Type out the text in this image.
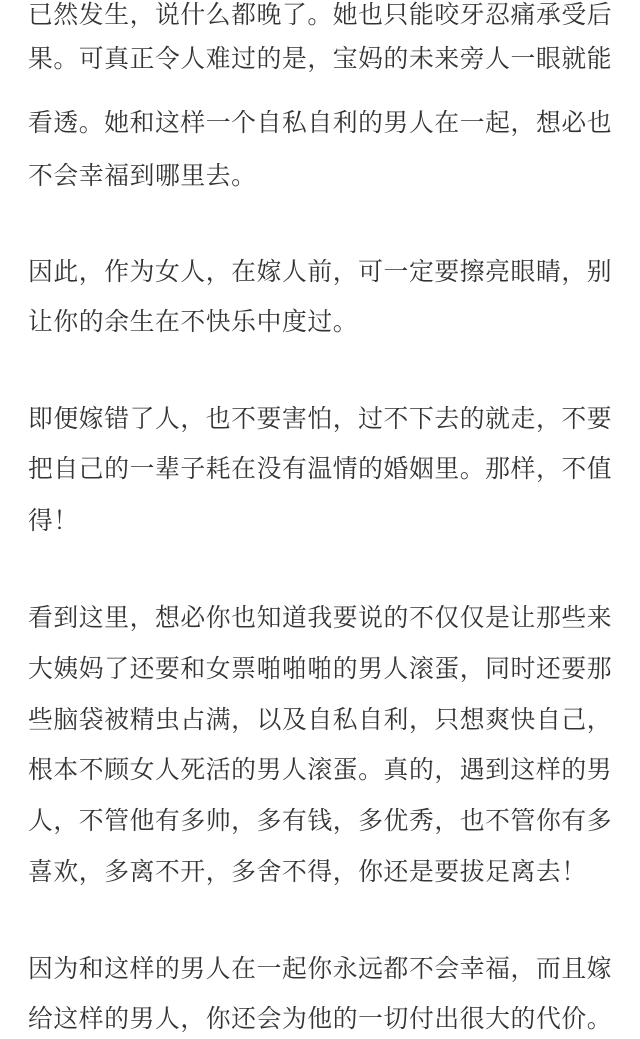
已然发生，说什么都晚了。她也只能咬牙忍痛承受后
果。可真正令人难过的是，宝妈的未来旁人一眼就能
看透。她和这样一个自私自利的男人在一起，想必也
不会幸福到哪里去。
因此，作为女人，在嫁人前，可一定要擦亮眼睛，别
让你的余生在不快乐中度过。
即便嫁错了人，也不要害怕，过不下去的就走，不要
把自己的一辈子耗在没有温情的婚姻里。那样，不值
得！
看到这里，想必你也知道我要说的不仅仅是让那些来
大姨妈了还要和女票啪啪啪的男人滚蛋，同时还要那
些脑袋被精虫占满，以及自私自利，只想爽快自己，
根本不顾女人死活的男人滚蛋。真的，遇到这样的男
人，不管他有多帅，多有钱，多优秀，也不管你有多
喜欢，多离不开，多舍不得，你还是要拔足离去！
因为和这样的男人在一起你永远都不会幸福，而且嫁
给这样的男人，你还会为他的一切付出很大的代价。
